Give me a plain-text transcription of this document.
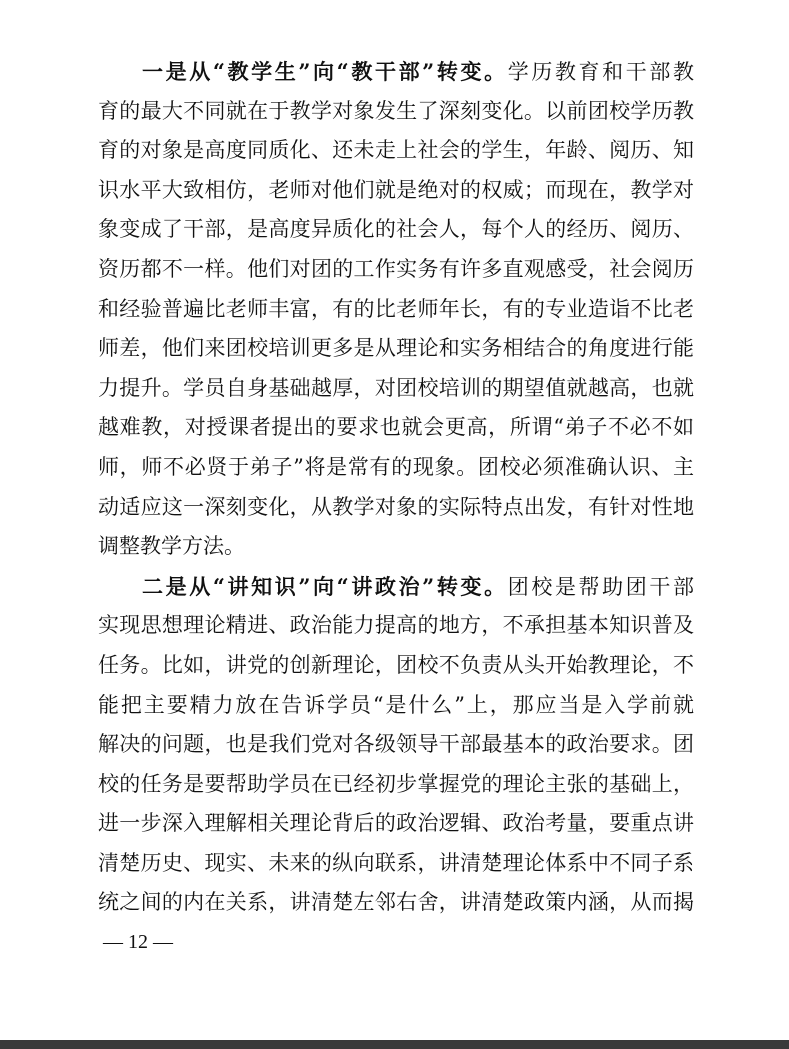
一是从“教学生”向“教干部”转变。学历教育和干部教
育的最大不同就在于教学对象发生了深刻变化。以前团校学历教
育的对象是高度同质化、还未走上社会的学生，年龄、阅历、知
识水平大致相仿，老师对他们就是绝对的权威；而现在，教学对
象变成了干部，是高度异质化的社会人，每个人的经历、阅历、
资历都不一样。他们对团的工作实务有许多直观感受，社会阅历
和经验普遍比老师丰富，有的比老师年长，有的专业造诣不比老
师差，他们来团校培训更多是从理论和实务相结合的角度进行能
力提升。学员自身基础越厚，对团校培训的期望值就越高，也就
越难教，对授课者提出的要求也就会更高，所谓“弟子不必不如
师，师不必贤于弟子”将是常有的现象。团校必须准确认识、主
动适应这一深刻变化，从教学对象的实际特点出发，有针对性地
调整教学方法。
二是从“讲知识”向“讲政治”转变。团校是帮助团干部
实现思想理论精进、政治能力提高的地方，不承担基本知识普及
任务。比如，讲党的创新理论，团校不负责从头开始教理论，不
能把主要精力放在告诉学员“是什么”上，那应当是入学前就
解决的问题，也是我们党对各级领导干部最基本的政治要求。团
校的任务是要帮助学员在已经初步掌握党的理论主张的基础上，
进一步深入理解相关理论背后的政治逻辑、政治考量，要重点讲
清楚历史、现实、未来的纵向联系，讲清楚理论体系中不同子系
统之间的内在关系，讲清楚左邻右舍，讲清楚政策内涵，从而揭
— 12 —
